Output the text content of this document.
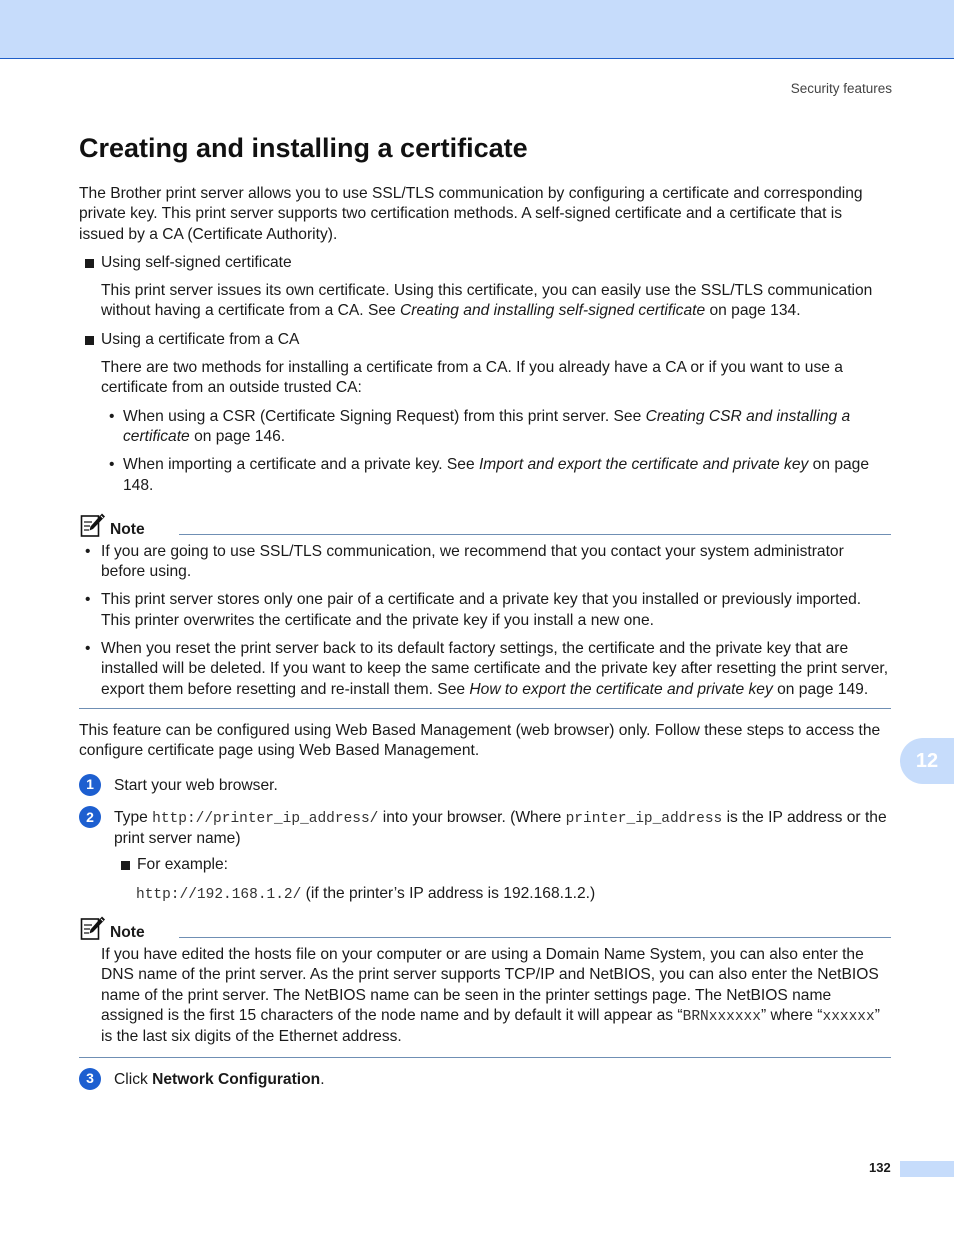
Security features
Creating and installing a certificate

The Brother print server allows you to use SSL/TLS communication by configuring a certificate and corresponding private key. This print server supports two certification methods. A self-signed certificate and a certificate that is issued by a CA (Certificate Authority).

Using self-signed certificate

This print server issues its own certificate. Using this certificate, you can easily use the SSL/TLS communication without having a certificate from a CA. See Creating and installing self-signed certificate on page 134.

Using a certificate from a CA

There are two methods for installing a certificate from a CA. If you already have a CA or if you want to use a certificate from an outside trusted CA:

• When using a CSR (Certificate Signing Request) from this print server. See Creating CSR and installing a certificate on page 146.
• When importing a certificate and a private key. See Import and export the certificate and private key on page 148.
Note
• If you are going to use SSL/TLS communication, we recommend that you contact your system administrator before using.
• This print server stores only one pair of a certificate and a private key that you installed or previously imported. This printer overwrites the certificate and the private key if you install a new one.
• When you reset the print server back to its default factory settings, the certificate and the private key that are installed will be deleted. If you want to keep the same certificate and the private key after resetting the print server, export them before resetting and re-install them. See How to export the certificate and private key on page 149.

This feature can be configured using Web Based Management (web browser) only. Follow these steps to access the configure certificate page using Web Based Management.

1	Start your web browser.
2	Type http://printer_ip_address/ into your browser. (Where printer_ip_address is the IP address or the print server name)
For example:

http://192.168.1.2/ (if the printer’s IP address is 192.168.1.2.)

Note

If you have edited the hosts file on your computer or are using a Domain Name System, you can also enter the DNS name of the print server. As the print server supports TCP/IP and NetBIOS, you can also enter the NetBIOS name of the print server. The NetBIOS name can be seen in the printer settings page. The NetBIOS name assigned is the first 15 characters of the node name and by default it will appear as “BRNxxxxxx” where “xxxxxx” is the last six digits of the Ethernet address.

3	Click Network Configuration.
12
132
